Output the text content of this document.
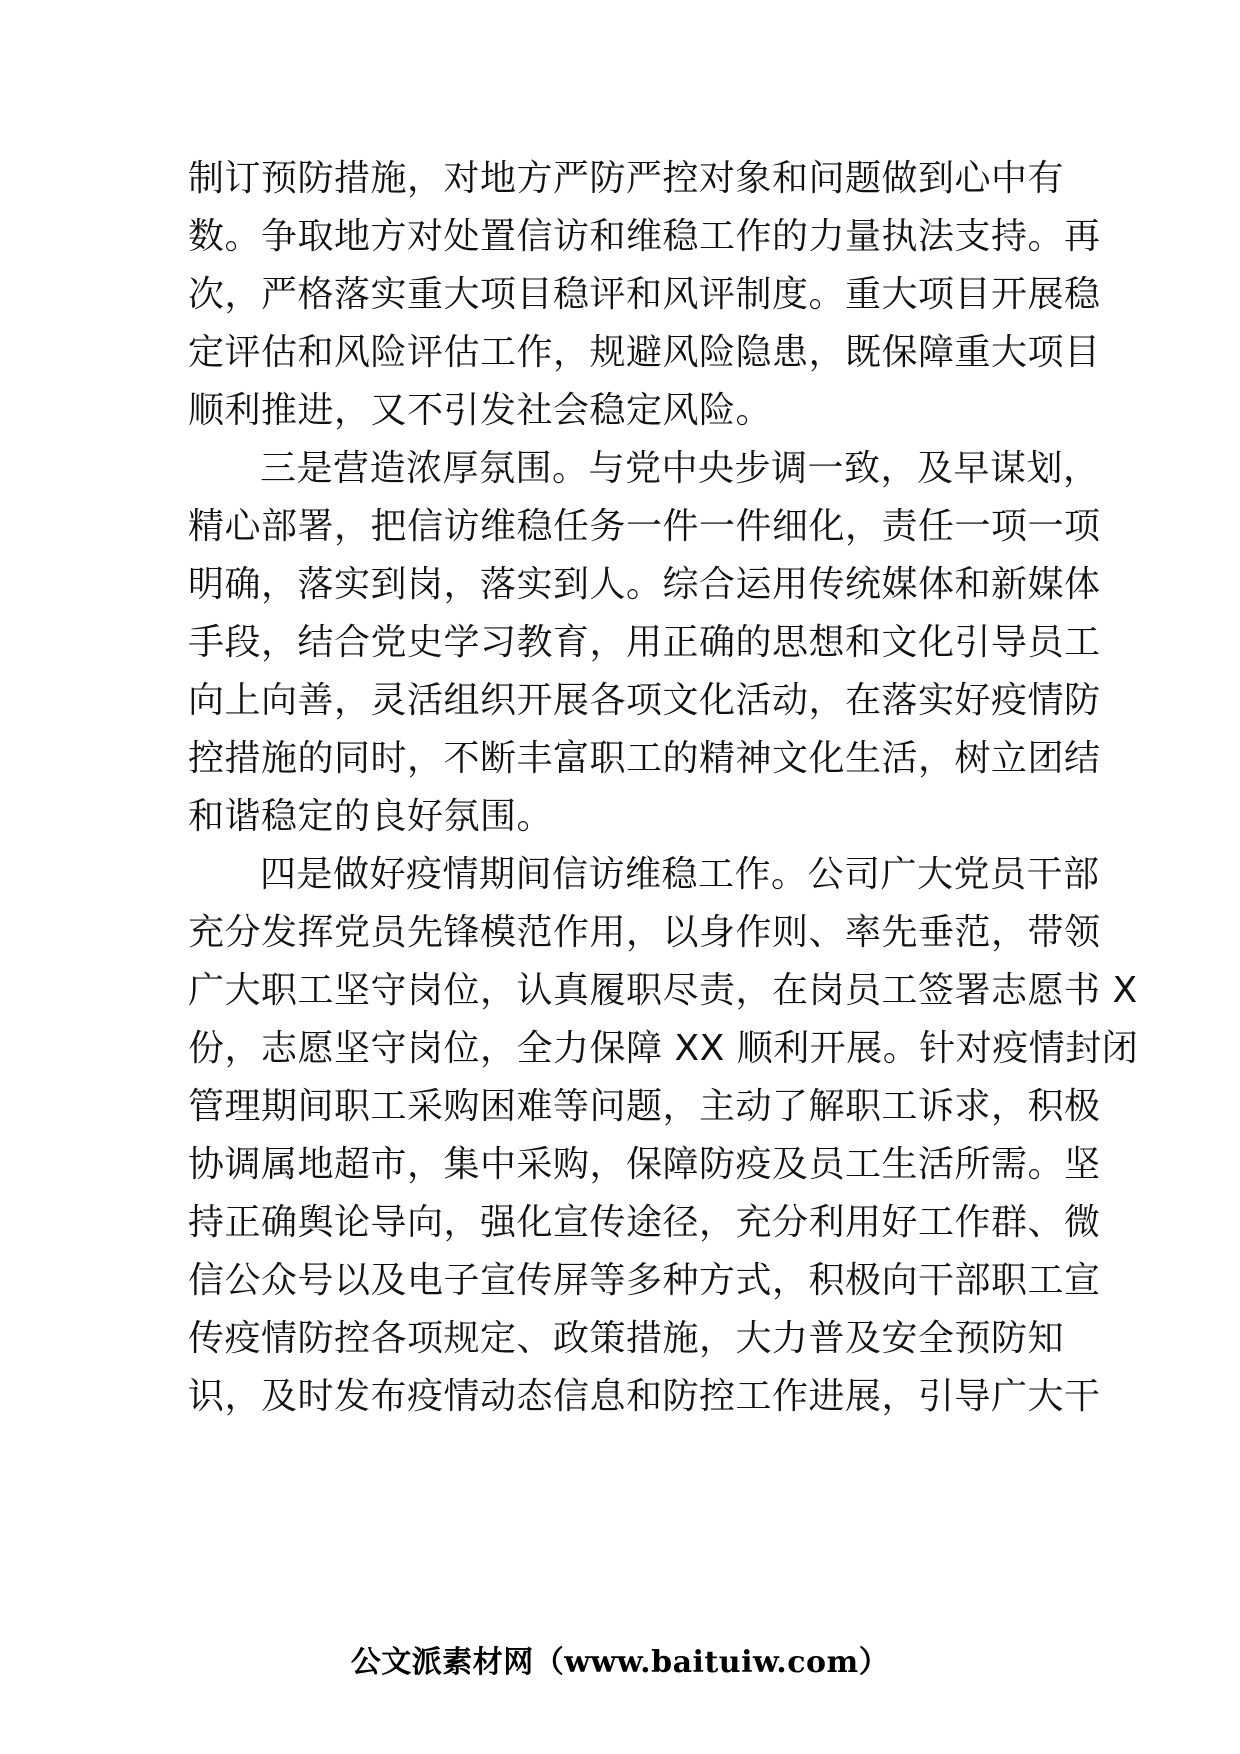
制订预防措施，对地方严防严控对象和问题做到心中有
数。争取地方对处置信访和维稳工作的力量执法支持。再
次，严格落实重大项目稳评和风评制度。重大项目开展稳
定评估和风险评估工作，规避风险隐患，既保障重大项目
顺利推进，又不引发社会稳定风险。
三是营造浓厚氛围。与党中央步调一致，及早谋划，
精心部署，把信访维稳任务一件一件细化，责任一项一项
明确，落实到岗，落实到人。综合运用传统媒体和新媒体
手段，结合党史学习教育，用正确的思想和文化引导员工
向上向善，灵活组织开展各项文化活动，在落实好疫情防
控措施的同时，不断丰富职工的精神文化生活，树立团结
和谐稳定的良好氛围。
四是做好疫情期间信访维稳工作。公司广大党员干部
充分发挥党员先锋模范作用，以身作则、率先垂范，带领
广大职工坚守岗位，认真履职尽责，在岗员工签署志愿书 X
份，志愿坚守岗位，全力保障 XX 顺利开展。针对疫情封闭
管理期间职工采购困难等问题，主动了解职工诉求，积极
协调属地超市，集中采购，保障防疫及员工生活所需。坚
持正确舆论导向，强化宣传途径，充分利用好工作群、微
信公众号以及电子宣传屏等多种方式，积极向干部职工宣
传疫情防控各项规定、政策措施，大力普及安全预防知
识，及时发布疫情动态信息和防控工作进展，引导广大干
公文派素材网（www.baituiw.com）
